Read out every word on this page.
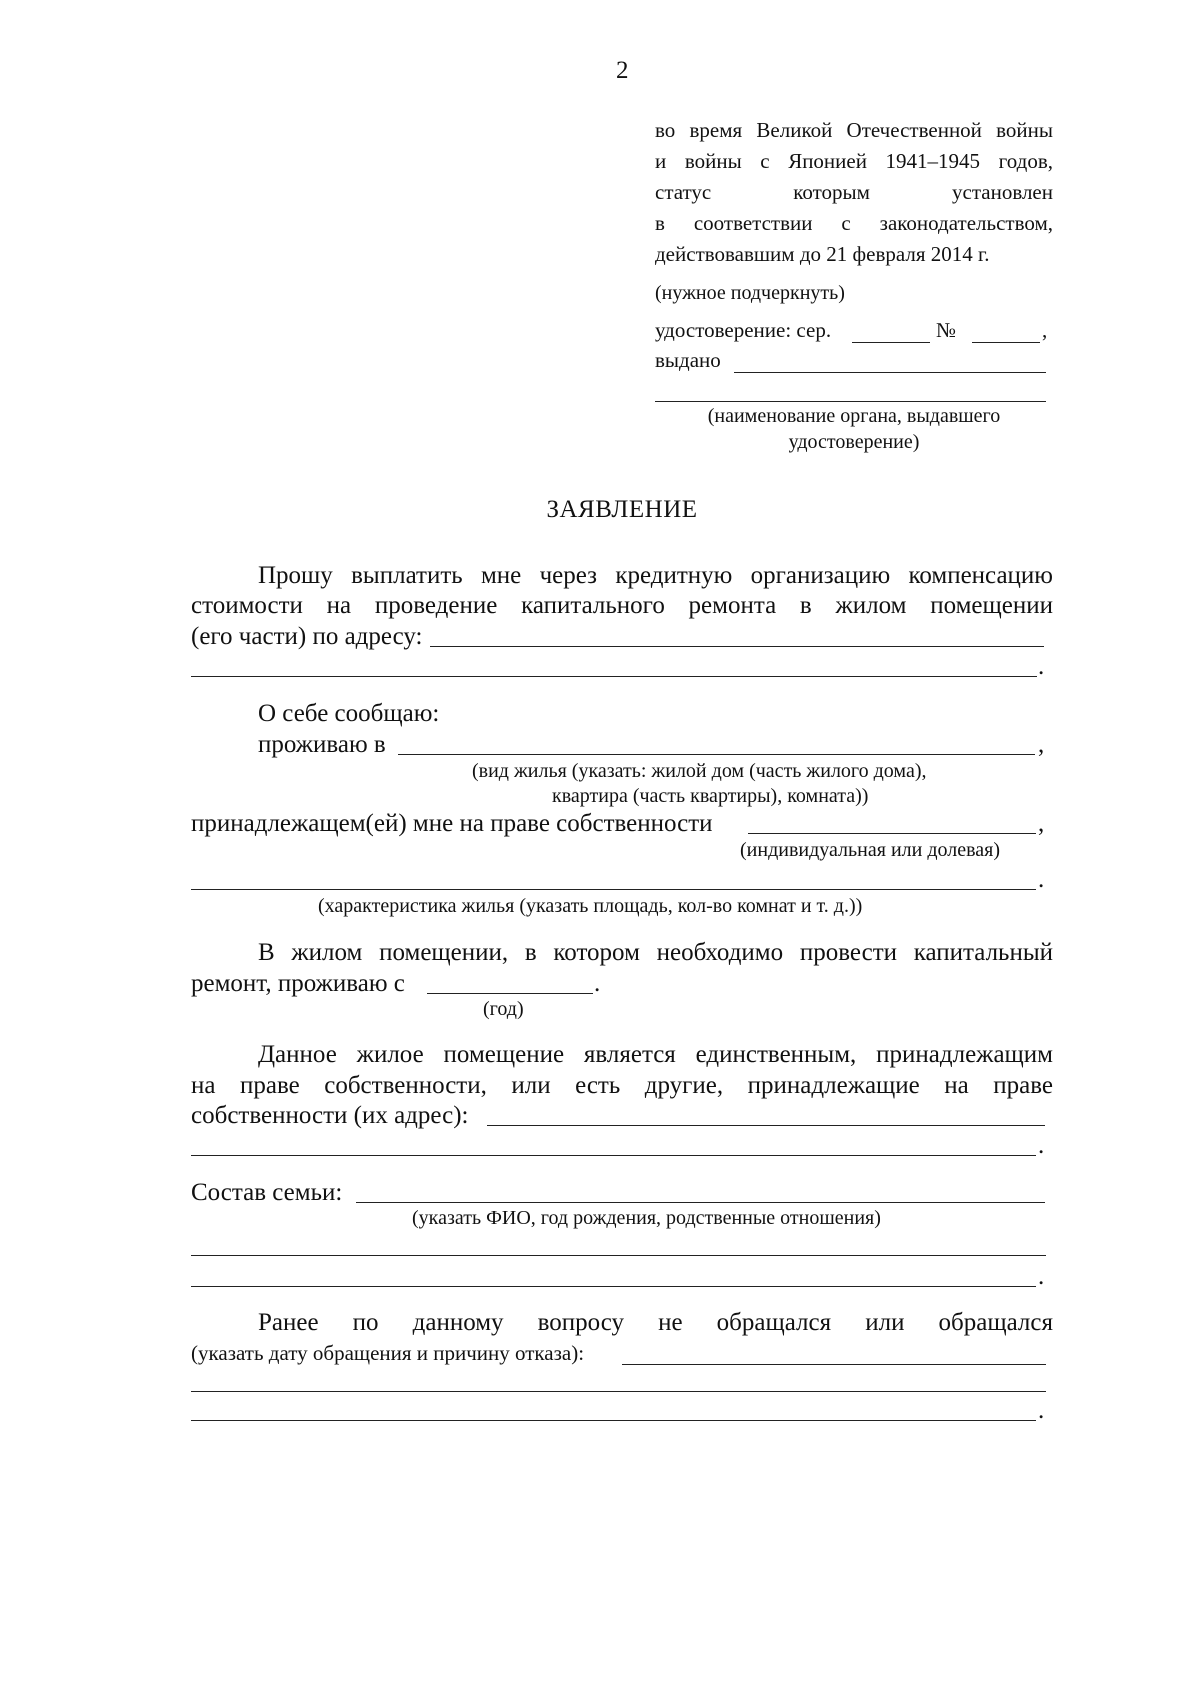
2
во время Великой Отечественной войны
и войны с Японией 1941–1945 годов,
статус которым установлен
в соответствии с законодательством,
действовавшим до 21 февраля 2014 г.
(нужное подчеркнуть)
удостоверение: сер.	№	,
выдано
(наименование органа, выдавшего
удостоверение)
ЗАЯВЛЕНИЕ
Прошу выплатить мне через кредитную организацию компенсацию
стоимости на проведение капитального ремонта в жилом помещении
(его части) по адресу:
.
О себе сообщаю:
проживаю в	,
(вид жилья (указать: жилой дом (часть жилого дома),
квартира (часть квартиры), комната))
принадлежащем(ей) мне на праве собственности	,
(индивидуальная или долевая)
.
(характеристика жилья (указать площадь, кол-во комнат и т. д.))
В жилом помещении, в котором необходимо провести капитальный
ремонт, проживаю с	.
(год)
Данное жилое помещение является единственным, принадлежащим
на праве собственности, или есть другие, принадлежащие на праве
собственности (их адрес):
.
Состав семьи:
(указать ФИО, год рождения, родственные отношения)
.
Ранее по данному вопросу не обращался или обращался
(указать дату обращения и причину отказа):
.
